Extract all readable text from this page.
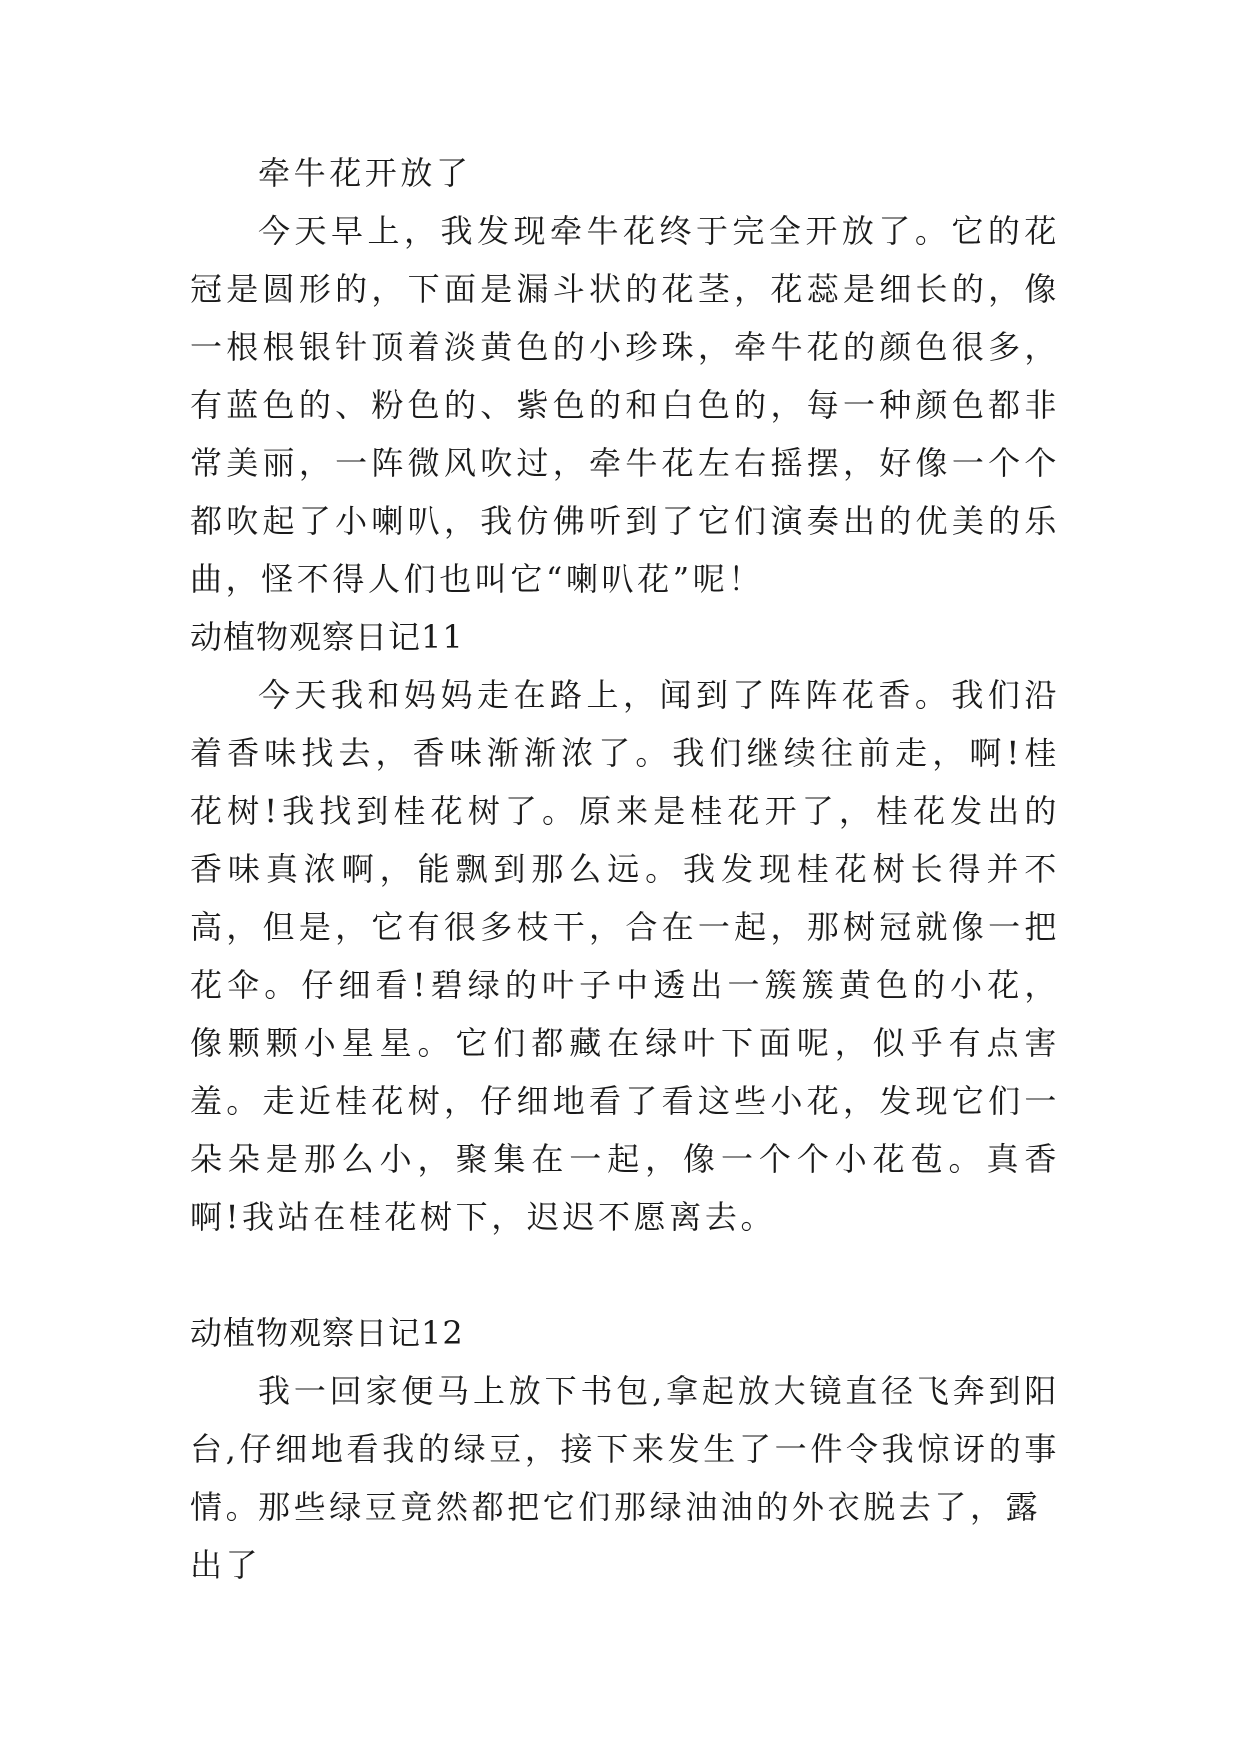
牵牛花开放了

今天早上，我发现牵牛花终于完全开放了。它的花冠是圆形的，下面是漏斗状的花茎，花蕊是细长的，像一根根银针顶着淡黄色的小珍珠，牵牛花的颜色很多，有蓝色的、粉色的、紫色的和白色的，每一种颜色都非常美丽，一阵微风吹过，牵牛花左右摇摆，好像一个个都吹起了小喇叭，我仿佛听到了它们演奏出的优美的乐曲，怪不得人们也叫它“喇叭花”呢！

动植物观察日记11

今天我和妈妈走在路上，闻到了阵阵花香。我们沿着香味找去，香味渐渐浓了。我们继续往前走，啊!桂花树!我找到桂花树了。原来是桂花开了，桂花发出的香味真浓啊，能飘到那么远。我发现桂花树长得并不高，但是，它有很多枝干，合在一起，那树冠就像一把花伞。仔细看!碧绿的叶子中透出一簇簇黄色的小花，像颗颗小星星。它们都藏在绿叶下面呢，似乎有点害羞。走近桂花树，仔细地看了看这些小花，发现它们一朵朵是那么小，聚集在一起，像一个个小花苞。真香啊!我站在桂花树下，迟迟不愿离去。

动植物观察日记12

我一回家便马上放下书包,拿起放大镜直径飞奔到阳台,仔细地看我的绿豆，接下来发生了一件令我惊讶的事情。

那些绿豆竟然都把它们那绿油油的外衣脱去了，露出了
